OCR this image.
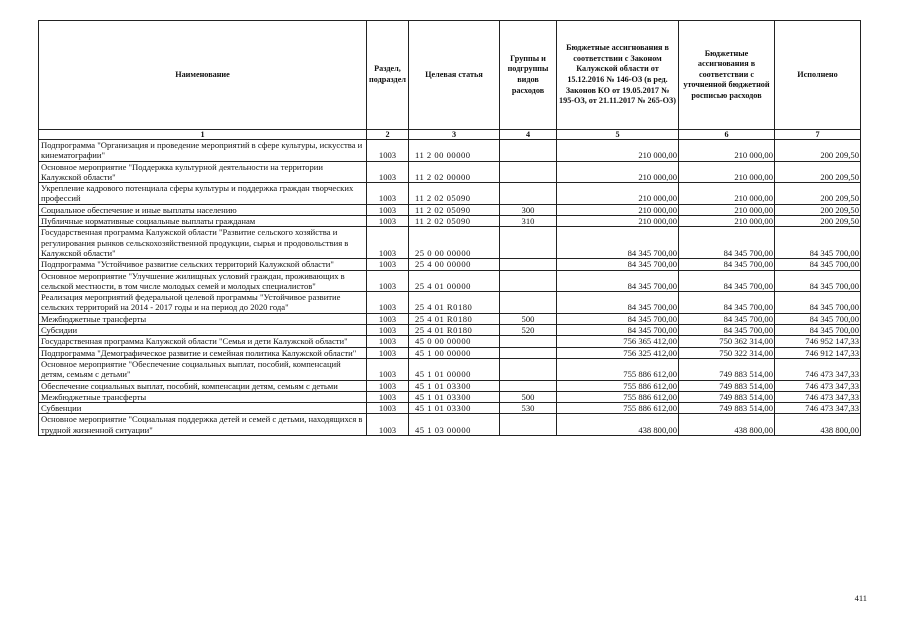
Наименование	Раздел, подраздел	Целевая статья	Группы и подгруппы видов расходов	Бюджетные ассигнования в соответствии с Законом Калужской области от 15.12.2016 № 146-ОЗ (в ред. Законов КО от 19.05.2017 № 195-ОЗ, от 21.11.2017 № 265-ОЗ)	Бюджетные ассигнования в соответствии с уточненной бюджетной росписью расходов	Исполнено
1	2	3	4	5	6	7
Подпрограмма "Организация и проведение мероприятий в сфере культуры, искусства и кинематографии"	1003	11 2 00 00000		210 000,00	210 000,00	200 209,50
Основное мероприятие "Поддержка культурной деятельности на территории Калужской области"	1003	11 2 02 00000		210 000,00	210 000,00	200 209,50
Укрепление кадрового потенциала сферы культуры и поддержка граждан творческих профессий	1003	11 2 02 05090		210 000,00	210 000,00	200 209,50
Социальное обеспечение и иные выплаты населению	1003	11 2 02 05090	300	210 000,00	210 000,00	200 209,50
Публичные нормативные социальные выплаты гражданам	1003	11 2 02 05090	310	210 000,00	210 000,00	200 209,50
Государственная программа Калужской области "Развитие сельского хозяйства и регулирования рынков сельскохозяйственной продукции, сырья и продовольствия в Калужской области"	1003	25 0 00 00000		84 345 700,00	84 345 700,00	84 345 700,00
Подпрограмма "Устойчивое развитие сельских территорий Калужской области"	1003	25 4 00 00000		84 345 700,00	84 345 700,00	84 345 700,00
Основное мероприятие "Улучшение жилищных условий граждан, проживающих в сельской местности, в том числе молодых семей и молодых специалистов"	1003	25 4 01 00000		84 345 700,00	84 345 700,00	84 345 700,00
Реализация мероприятий федеральной целевой программы "Устойчивое развитие сельских территорий на 2014 - 2017 годы и на период до 2020 года"	1003	25 4 01 R0180		84 345 700,00	84 345 700,00	84 345 700,00
Межбюджетные трансферты	1003	25 4 01 R0180	500	84 345 700,00	84 345 700,00	84 345 700,00
Субсидии	1003	25 4 01 R0180	520	84 345 700,00	84 345 700,00	84 345 700,00
Государственная программа Калужской области "Семья и дети Калужской области"	1003	45 0 00 00000		756 365 412,00	750 362 314,00	746 952 147,33
Подпрограмма "Демографическое развитие и семейная политика Калужской области"	1003	45 1 00 00000		756 325 412,00	750 322 314,00	746 912 147,33
Основное мероприятие "Обеспечение социальных выплат, пособий, компенсаций детям, семьям с детьми"	1003	45 1 01 00000		755 886 612,00	749 883 514,00	746 473 347,33
Обеспечение социальных выплат, пособий, компенсации детям, семьям с детьми	1003	45 1 01 03300		755 886 612,00	749 883 514,00	746 473 347,33
Межбюджетные трансферты	1003	45 1 01 03300	500	755 886 612,00	749 883 514,00	746 473 347,33
Субвенции	1003	45 1 01 03300	530	755 886 612,00	749 883 514,00	746 473 347,33
Основное мероприятие "Социальная поддержка детей и семей с детьми, находящихся в трудной жизненной ситуации"	1003	45 1 03 00000		438 800,00	438 800,00	438 800,00
411
